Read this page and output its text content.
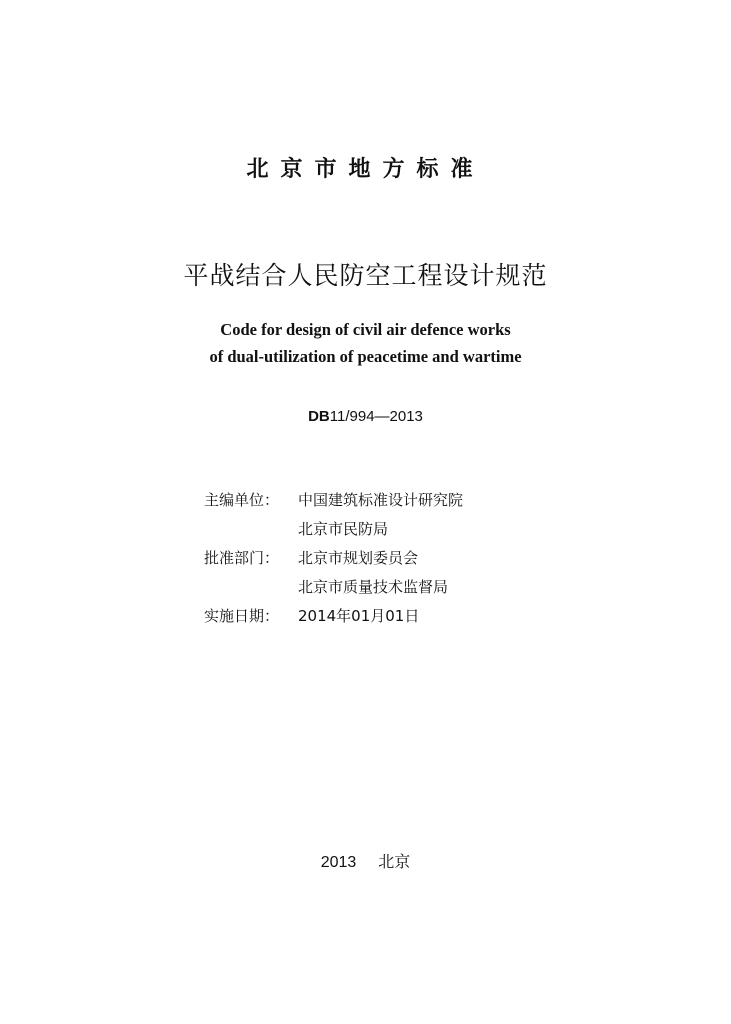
北京市地方标准
平战结合人民防空工程设计规范
Code for design of civil air defence works
of dual-utilization of peacetime and wartime
DB11/994—2013
主编单位：	中国建筑标准设计研究院
北京市民防局
批准部门：	北京市规划委员会
北京市质量技术监督局
实施日期：	2014年01月01日
2013 北京
